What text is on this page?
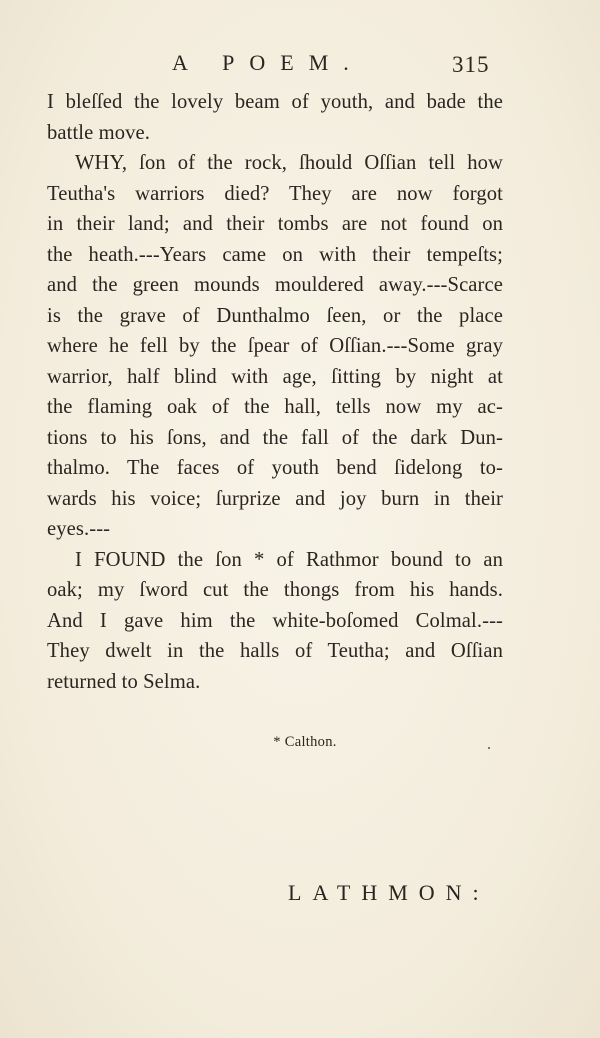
A POEM.	315
I bleſſed the lovely beam of youth, and bade the
battle move.
WHY, ſon of the rock, ſhould Oſſian tell how
Teutha's warriors died? They are now forgot
in their land; and their tombs are not found on
the heath.---Years came on with their tempeſts;
and the green mounds mouldered away.---Scarce
is the grave of Dunthalmo ſeen, or the place
where he fell by the ſpear of Oſſian.---Some gray
warrior, half blind with age, ſitting by night at
the flaming oak of the hall, tells now my ac-
tions to his ſons, and the fall of the dark Dun-
thalmo. The faces of youth bend ſidelong to-
wards his voice; ſurprize and joy burn in their
eyes.---
I FOUND the ſon * of Rathmor bound to an
oak; my ſword cut the thongs from his hands.
And I gave him the white-boſomed Colmal.---
They dwelt in the halls of Teutha; and Oſſian
returned to Selma.
* Calthon.
LATHMON:
